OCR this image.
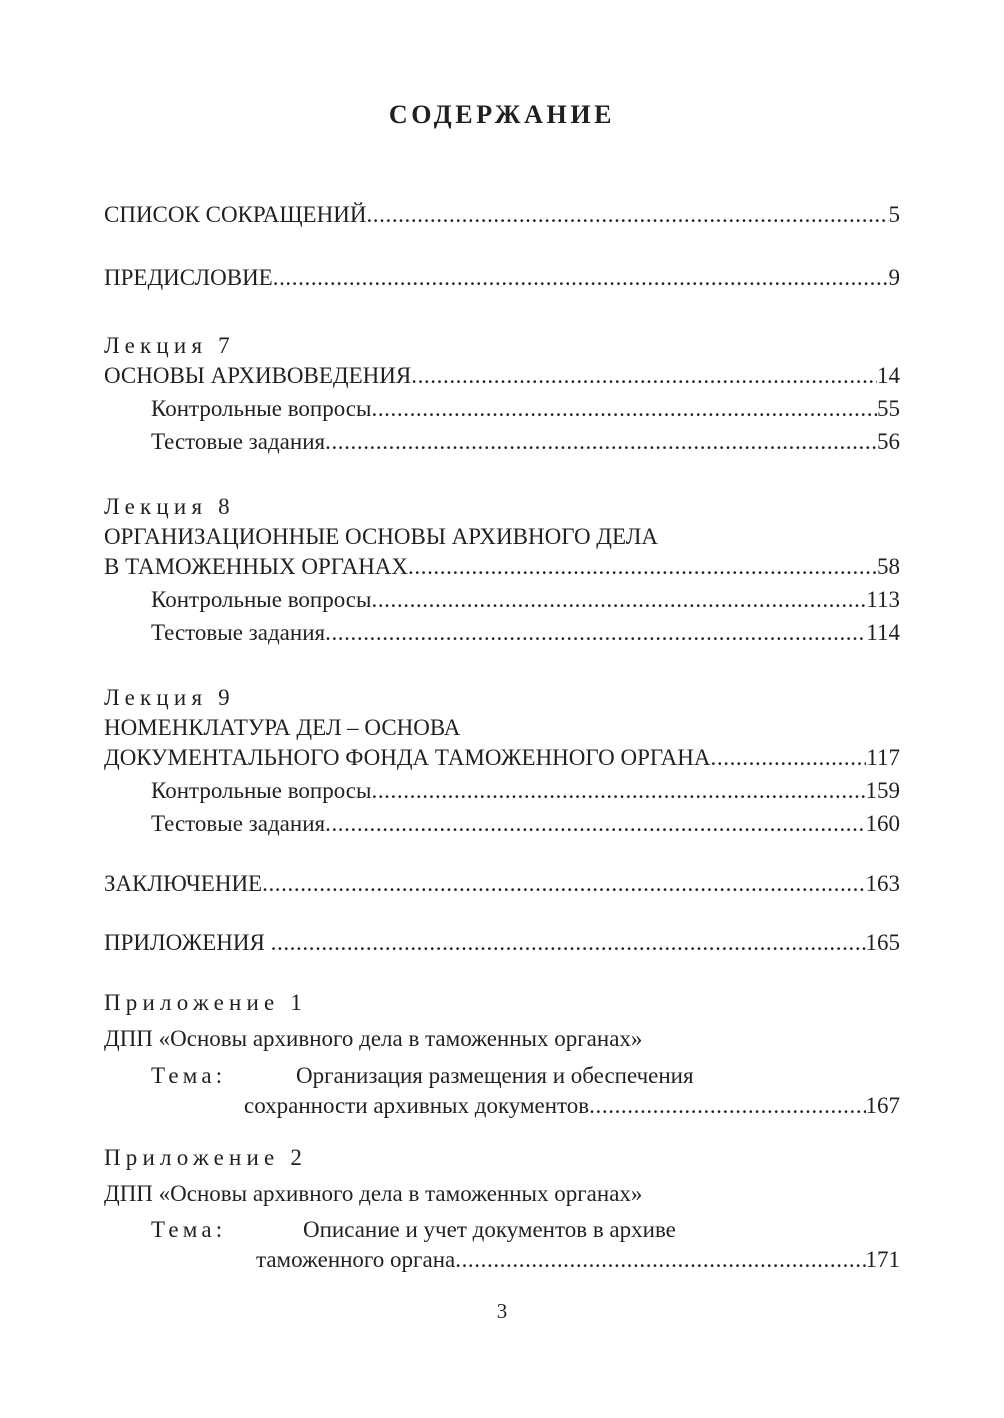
СОДЕРЖАНИЕ
СПИСОК СОКРАЩЕНИЙ .....	5
ПРЕДИСЛОВИЕ .....	9
Лекция 7
ОСНОВЫ АРХИВОВЕДЕНИЯ .....	14
Контрольные вопросы .....	55
Тестовые задания .....	56
Лекция 8
ОРГАНИЗАЦИОННЫЕ ОСНОВЫ АРХИВНОГО ДЕЛА
В ТАМОЖЕННЫХ ОРГАНАХ .....	58
Контрольные вопросы .....	113
Тестовые задания .....	114
Лекция 9
НОМЕНКЛАТУРА ДЕЛ – ОСНОВА
ДОКУМЕНТАЛЬНОГО ФОНДА ТАМОЖЕННОГО ОРГАНА .....	117
Контрольные вопросы .....	159
Тестовые задания .....	160
ЗАКЛЮЧЕНИЕ .....	163
ПРИЛОЖЕНИЯ .....	165
Приложение 1
ДПП «Основы архивного дела в таможенных органах»
Тема:	Организация размещения и обеспечения
сохранности архивных документов .....	167
Приложение 2
ДПП «Основы архивного дела в таможенных органах»
Тема:	Описание и учет документов в архиве
таможенного органа .....	171
3
